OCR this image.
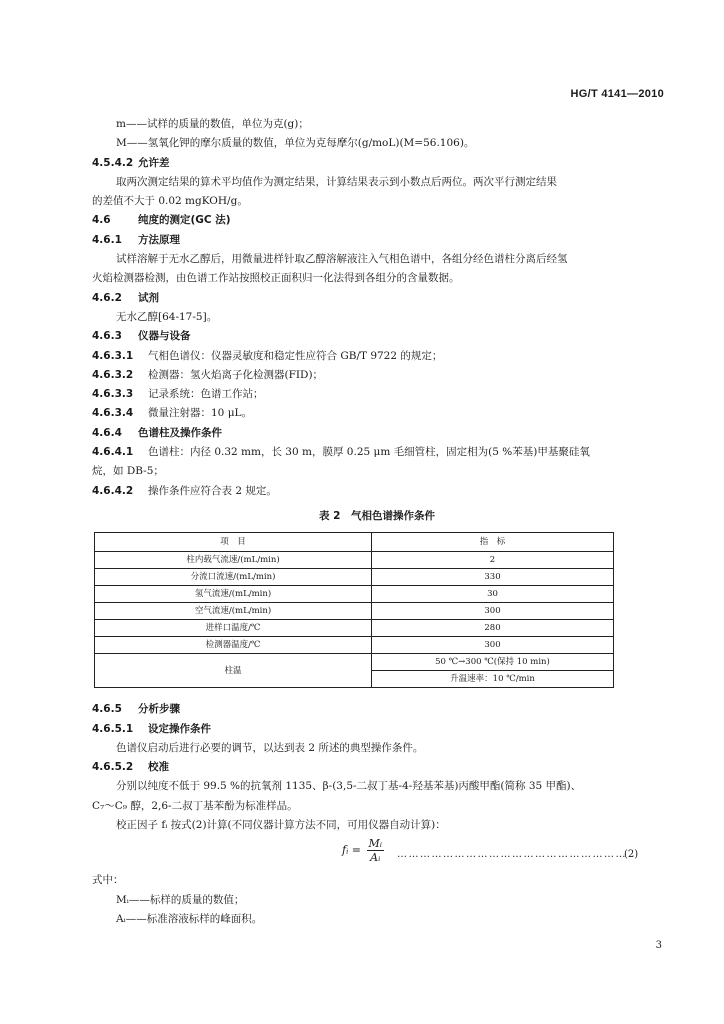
HG/T 4141—2010
m——试样的质量的数值，单位为克(g)；
M——氢氧化钾的摩尔质量的数值，单位为克每摩尔(g/moL)(M=56.106)。
4.5.4.2 允许差
取两次测定结果的算术平均值作为测定结果，计算结果表示到小数点后两位。两次平行测定结果
的差值不大于 0.02 mgKOH/g。
4.6	纯度的测定(GC 法)
4.6.1 方法原理
试样溶解于无水乙醇后，用微量进样针取乙醇溶解液注入气相色谱中，各组分经色谱柱分离后经氢
火焰检测器检测，由色谱工作站按照校正面积归一化法得到各组分的含量数据。
4.6.2 试剂
无水乙醇[64-17-5]。
4.6.3 仪器与设备
4.6.3.1 气相色谱仪：仪器灵敏度和稳定性应符合 GB/T 9722 的规定；
4.6.3.2 检测器：氢火焰离子化检测器(FID)；
4.6.3.3 记录系统：色谱工作站；
4.6.3.4 微量注射器：10 μL。
4.6.4 色谱柱及操作条件
4.6.4.1 色谱柱：内径 0.32 mm，长 30 m，膜厚 0.25 μm 毛细管柱，固定相为(5 %苯基)甲基聚硅氧
烷，如 DB-5；
4.6.4.2 操作条件应符合表 2 规定。
表 2　气相色谱操作条件
项　目	指　标
柱内载气流速/(mL/min)	2
分流口流速/(mL/min)	330
氢气流速/(mL/min)	30
空气流速/(mL/min)	300
进样口温度/℃	280
检测器温度/℃	300
柱温	50 ℃→300 ℃(保持 10 min)
	升温速率：10 ℃/min
4.6.5 分析步骤
4.6.5.1 设定操作条件
色谱仪启动后进行必要的调节，以达到表 2 所述的典型操作条件。
4.6.5.2 校准
分别以纯度不低于 99.5 %的抗氧剂 1135、β-(3,5-二叔丁基-4-羟基苯基)丙酸甲酯(简称 35 甲酯)、
C₇～C₉ 醇，2,6-二叔丁基苯酚为标准样品。
校正因子 fᵢ 按式(2)计算(不同仪器计算方法不同，可用仪器自动计算)：
fᵢ = $\frac{\text{Mᵢ}}{\text{Aᵢ}}$ ……………………………………………………
(2)
式中：
Mᵢ——标样的质量的数值；
Aᵢ——标准溶液标样的峰面积。
3
